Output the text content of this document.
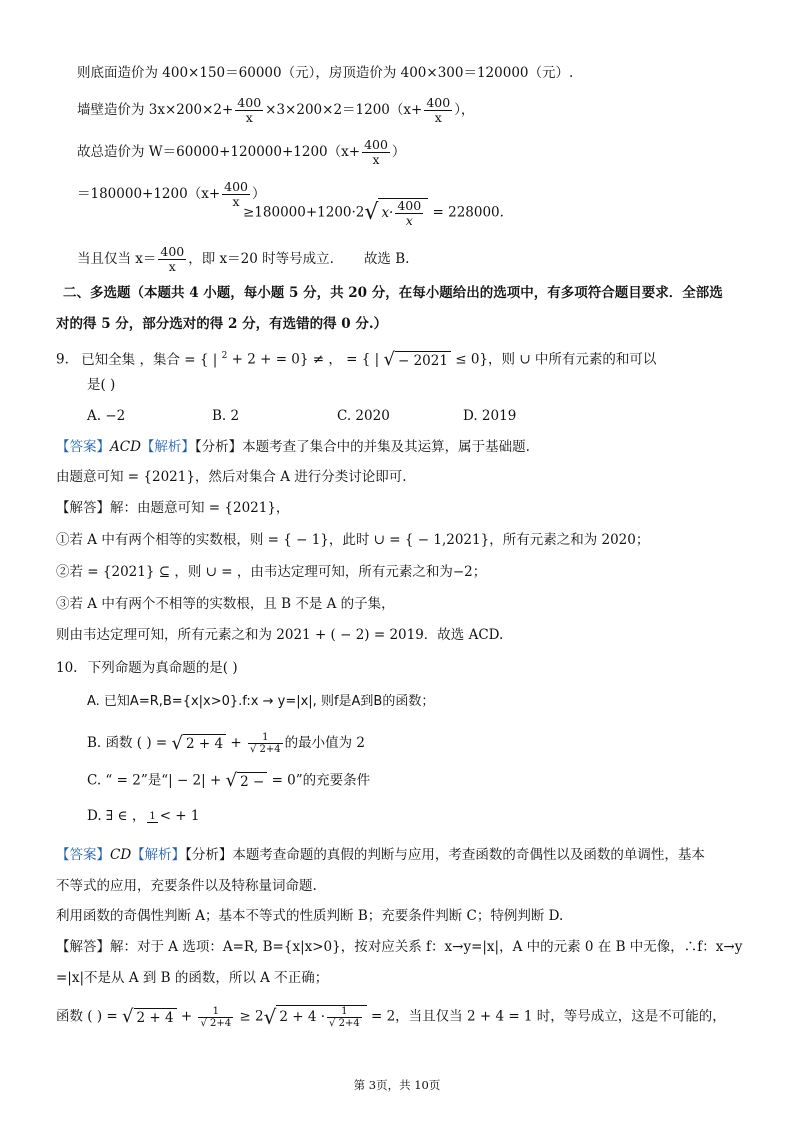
则底面造价为 400×150＝60000（元），房顶造价为 400×300＝120000（元）.
墙壁造价为 $3x\times 200\times 2+ \frac{400}{x} \times 3\times 200\times 2=1200(x+ \frac{400}{x}$ ），
故总造价为 $W=60000+120000+1200(x+ \frac{400}{x}$ ）
$=180000+1200(x+ \frac{400}{x}$ ）
≥180000+1200·2√ $x\cdot \frac{400}{x} = 228000$.
当且仅当 $x= \frac{400}{x}$ ，即 x＝20 时等号成立. 故选 B.
二、多选题（本题共 4 小题，每小题 5 分，共 20 分，在每小题给出的选项中，有多项符合题目要求．全部选
对的得 5 分，部分选对的得 2 分，有选错的得 0 分.）
9. 已知全集 ，集合 = { | $^2$ + 2 + = 0} ≠ ， = { | √− 2021 ≤ 0}，则 ∪ 中所有元素的和可以
是( )
A. −2	B. 2	C. 2020	D. 2019
【答案】ACD【解析】【分析】本题考查了集合中的并集及其运算，属于基础题.
由题意可知 = {2021}，然后对集合 A 进行分类讨论即可.
【解答】解：由题意可知 = {2021}，
①若 A 中有两个相等的实数根，则 = { − 1}，此时 ∪ = { − 1,2021}，所有元素之和为 2020；
②若 = {2021} ⊆ ，则 ∪ = ，由韦达定理可知，所有元素之和为−2；
③若 A 中有两个不相等的实数根，且 B 不是 A 的子集，
则由韦达定理可知，所有元素之和为 2021 + ( − 2) = 2019．故选 ACD.
10. 下列命题为真命题的是( )
A. 已知A=R,B={x|x>0}.f:x → y=|x|, 则f是A到B的函数；
B. 函数 ( ) = $√2 + 4 + \frac{1}{√ 2+4}$ 的最小值为 2
C. “ = 2”是“| − 2| + √ 2 − = 0”的充要条件
D. ∃ ∈ ， 1 < + 1
【答案】CD【解析】【分析】本题考查命题的真假的判断与应用，考查函数的奇偶性以及函数的单调性，基本
不等式的应用，充要条件以及特称量词命题.
利用函数的奇偶性判断 A；基本不等式的性质判断 B；充要条件判断 C；特例判断 D.
【解答】解：对于 A 选项：A=R, B={x|x>0}，按对应关系 f：x→y=|x|，A 中的元素 0 在 B 中无像，∴f：x→y
=|x|不是从 A 到 B 的函数，所以 A 不正确；
函数 ( ) = $√2 + 4 + \frac{1}{√ 2+4} \ge 2√2 + 4 \cdot \frac{1}{√ 2+4} = 2$，当且仅当 2 + 4 = 1 时，等号成立，这是不可能的，
第 3页，共 10页
